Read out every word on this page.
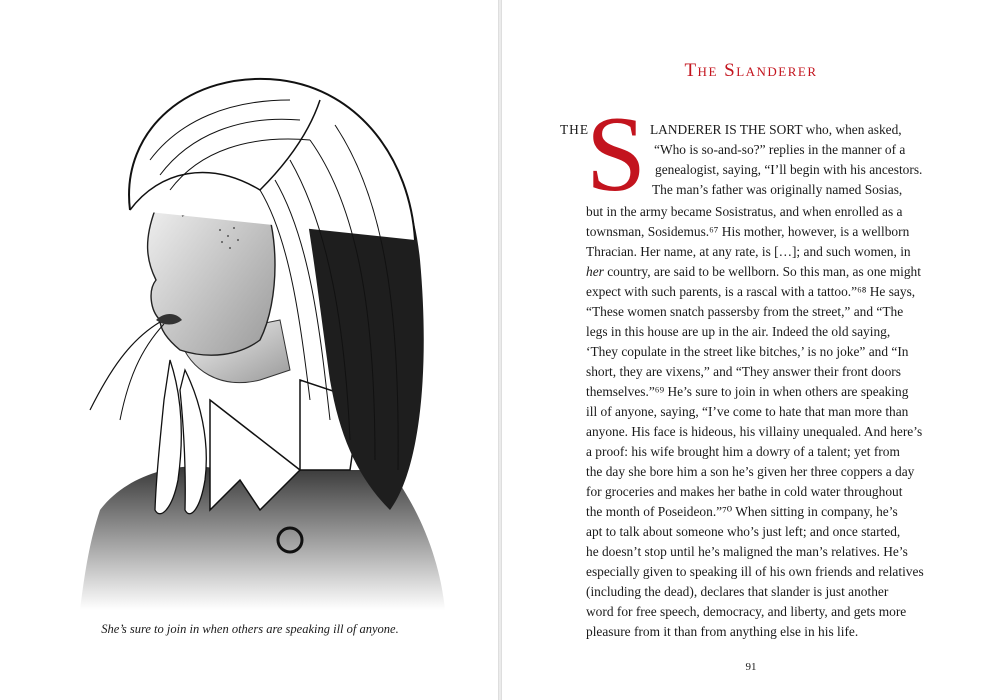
She’s sure to join in when others are speaking ill of anyone.
The Slanderer
THE
S LANDERER IS THE SORT who, when asked,
“Who is so-and-so?” replies in the manner of a
genealogist, saying, “I’ll begin with his ancestors.
The man’s father was originally named Sosias,
but in the army became Sosistratus, and when enrolled as a
townsman, Sosidemus.⁶⁷ His mother, however, is a wellborn
Thracian. Her name, at any rate, is […]; and such women, in
her country, are said to be wellborn. So this man, as one might
expect with such parents, is a rascal with a tattoo.”⁶⁸ He says,
“These women snatch passersby from the street,” and “The
legs in this house are up in the air. Indeed the old saying,
‘They copulate in the street like bitches,’ is no joke” and “In
short, they are vixens,” and “They answer their front doors
themselves.”⁶⁹ He’s sure to join in when others are speaking
ill of anyone, saying, “I’ve come to hate that man more than
anyone. His face is hideous, his villainy unequaled. And here’s
a proof: his wife brought him a dowry of a talent; yet from
the day she bore him a son he’s given her three coppers a day
for groceries and makes her bathe in cold water throughout
the month of Poseideon.”⁷⁰ When sitting in company, he’s
apt to talk about someone who’s just left; and once started,
he doesn’t stop until he’s maligned the man’s relatives. He’s
especially given to speaking ill of his own friends and relatives
(including the dead), declares that slander is just another
word for free speech, democracy, and liberty, and gets more
pleasure from it than from anything else in his life.
91
